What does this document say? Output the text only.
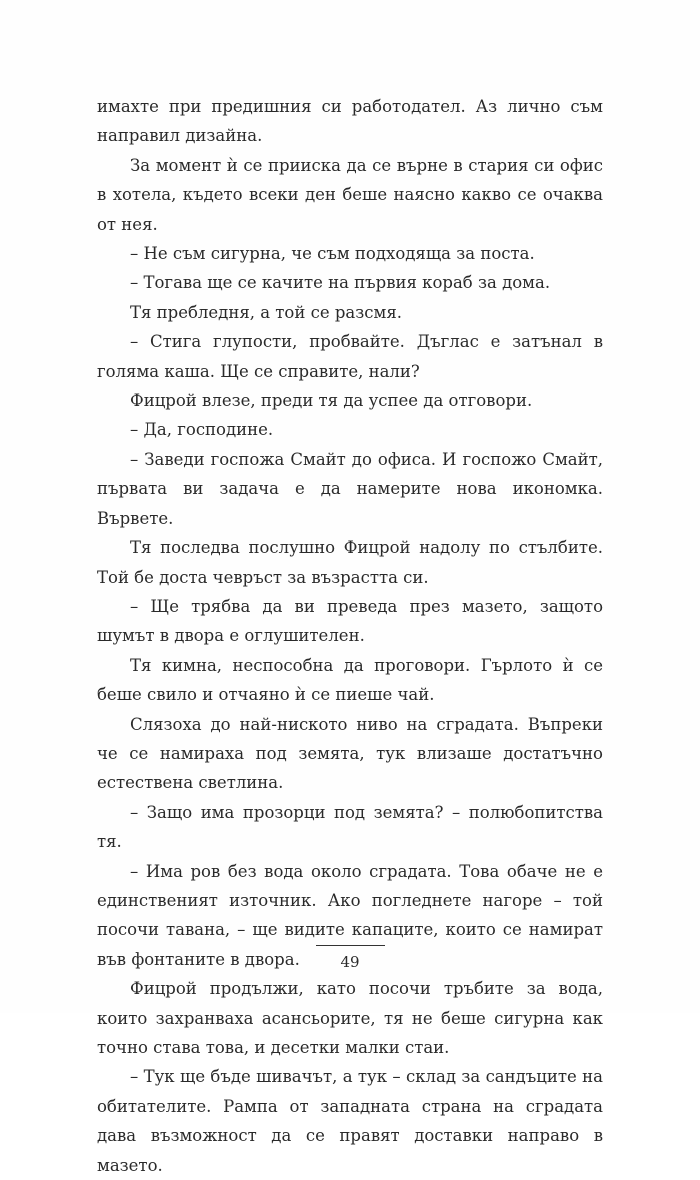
имахте при предишния си работодател. Аз лично съм направил дизайна.

За момент ѝ се прииска да се върне в стария си офис в хотела, където всеки ден беше наясно какво се очаква от нея.

– Не съм сигурна, че съм подходяща за поста.

– Тогава ще се качите на първия кораб за дома.

Тя пребледня, а той се разсмя.

– Стига глупости, пробвайте. Дъглас е затънал в голяма каша. Ще се справите, нали?

Фицрой влезе, преди тя да успее да отговори.

– Да, господине.

– Заведи госпожа Смайт до офиса. И госпожо Смайт, първата ви задача е да намерите нова икономка. Вървете.

Тя последва послушно Фицрой надолу по стълбите. Той бе доста чевръст за възрастта си.

– Ще трябва да ви преведа през мазето, защото шумът в двора е оглушителен.

Тя кимна, неспособна да проговори. Гърлото ѝ се беше свило и отчаяно ѝ се пиеше чай.

Слязоха до най-ниското ниво на сградата. Въпреки че се намираха под земята, тук влизаше достатъчно естествена светлина.

– Защо има прозорци под земята? – полюбопитства тя.

– Има ров без вода около сградата. Това обаче не е единственият източник. Ако погледнете нагоре – той посочи тавана, – ще видите капаците, които се намират във фонтаните в двора.

Фицрой продължи, като посочи тръбите за вода, които захранваха асансьорите, тя не беше сигурна как точно става това, и десетки малки стаи.

– Тук ще бъде шивачът, а тук – склад за сандъците на обитателите. Рампа от западната страна на сградата дава възможност да се правят доставки направо в мазето.

49
